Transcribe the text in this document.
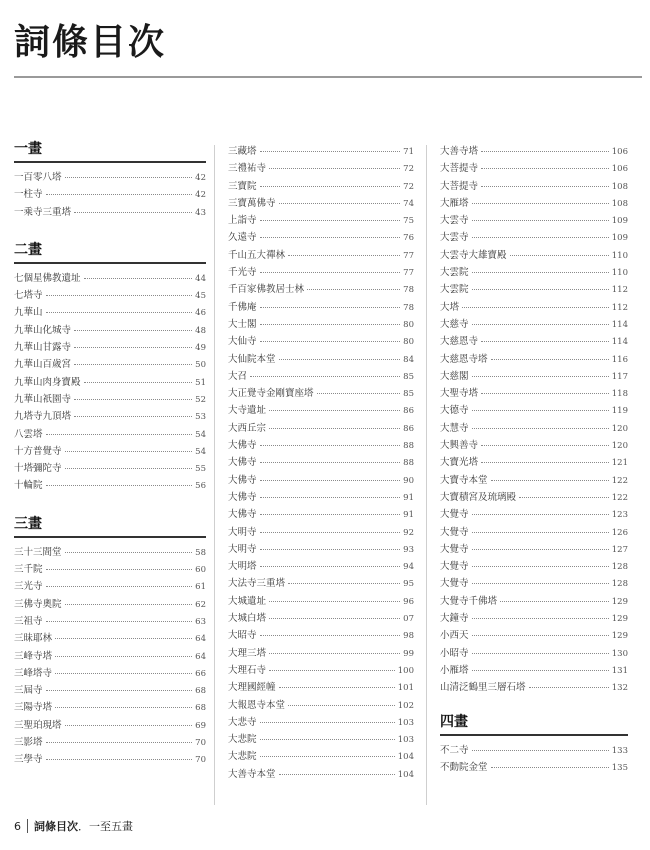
詞條目次
一畫
一百零八塔	42
一柱寺	42
一乘寺三重塔	43
二畫
七個星佛教遺址	44
七塔寺	45
九華山	46
九華山化城寺	48
九華山甘露寺	49
九華山百歲宮	50
九華山肉身寶殿	51
九華山祇園寺	52
九塔寺九頂塔	53
八雲塔	54
十方普覺寺	54
十塔彌陀寺	55
十輪院	56
三畫
三十三間堂	58
三千院	60
三光寺	61
三佛寺奧院	62
三祖寺	63
三昧耶林	64
三峰寺塔	64
三峰塔寺	66
三屆寺	68
三陽寺塔	68
三聖珀現塔	69
三影塔	70
三學寺	70
三藏塔	71
三禮祐寺	72
三寶院	72
三寶萬佛寺	74
上詣寺	75
久遠寺	76
千山五大禪林	77
千光寺	77
千百家佛教居士林	78
千佛庵	78
大士閣	80
大仙寺	80
大仙院本堂	84
大召	85
大正覺寺金剛寶座塔	85
大寺遺址	86
大西丘宗	86
大佛寺	88
大佛寺	88
大佛寺	90
大佛寺	91
大佛寺	91
大明寺	92
大明寺	93
大明塔	94
大法寺三重塔	95
大城遺址	96
大城白塔	07
大昭寺	98
大理三塔	99
大理石寺	100
大理國經幢	101
大報恩寺本堂	102
大悲寺	103
大悲院	103
大悲院	104
大善寺本堂	104
大善寺塔	106
大菩提寺	106
大菩提寺	108
大雁塔	108
大雲寺	109
大雲寺	109
大雲寺大雄寶殿	110
大雲院	110
大雲院	112
大塔	112
大慈寺	114
大慈恩寺	114
大慈恩寺塔	116
大慈閣	117
大聖寺塔	118
大德寺	119
大慧寺	120
大興善寺	120
大寶光塔	121
大寶寺本堂	122
大寶積宮及琉璃殿	122
大覺寺	123
大覺寺	126
大覺寺	127
大覺寺	128
大覺寺	128
大覺寺千佛塔	129
大鐘寺	129
小西天	129
小昭寺	130
小雁塔	131
山清泛鶴里三層石塔	132
四畫
不二寺	133
不動院金堂	135
6 詞條目次 ．一至五畫
